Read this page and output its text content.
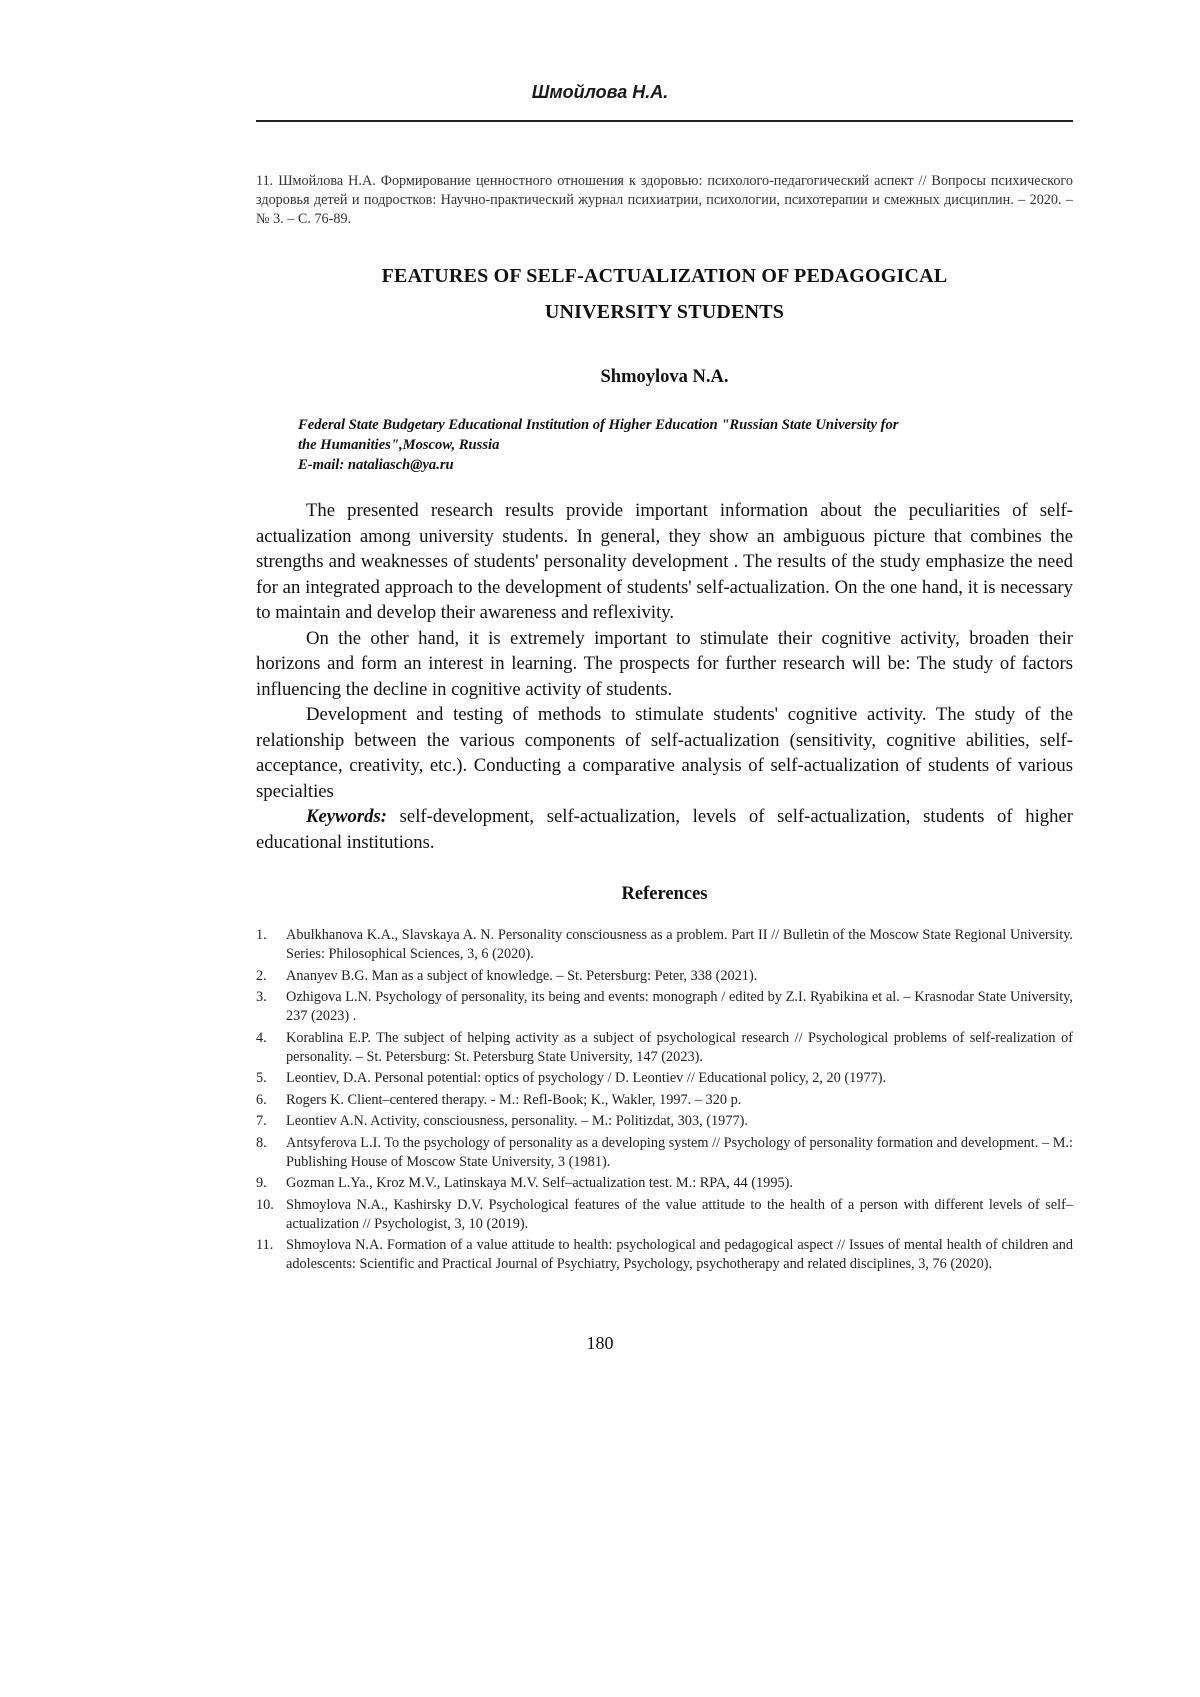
Шмойлова Н.А.

11. Шмойлова Н.А. Формирование ценностного отношения к здоровью: психолого-педагогический аспект // Вопросы психического здоровья детей и подростков: Научно-практический журнал психиатрии, психологии, психотерапии и смежных дисциплин. – 2020. – № 3. – С. 76-89.

FEATURES OF SELF-ACTUALIZATION OF PEDAGOGICAL
UNIVERSITY STUDENTS

Shmoylova N.A.

Federal State Budgetary Educational Institution of Higher Education "Russian State University for
the Humanities",Moscow, Russia
E-mail: nataliasch@ya.ru

The presented research results provide important information about the peculiarities of self-actualization among university students. In general, they show an ambiguous picture that combines the strengths and weaknesses of students' personality development . The results of the study emphasize the need for an integrated approach to the development of students' self-actualization. On the one hand, it is necessary to maintain and develop their awareness and reflexivity.

On the other hand, it is extremely important to stimulate their cognitive activity, broaden their horizons and form an interest in learning. The prospects for further research will be: The study of factors influencing the decline in cognitive activity of students.

Development and testing of methods to stimulate students' cognitive activity. The study of the relationship between the various components of self-actualization (sensitivity, cognitive abilities, self-acceptance, creativity, etc.). Conducting a comparative analysis of self-actualization of students of various specialties

Keywords: self-development, self-actualization, levels of self-actualization, students of higher educational institutions.

References
1.	Abulkhanova K.A., Slavskaya A. N. Personality consciousness as a problem. Part II // Bulletin of the Moscow State Regional University. Series: Philosophical Sciences, 3, 6 (2020).
2.	Ananyev B.G. Man as a subject of knowledge. – St. Petersburg: Peter, 338 (2021).
3.	Ozhigova L.N. Psychology of personality, its being and events: monograph / edited by Z.I. Ryabikina et al. – Krasnodar State University, 237 (2023) .
4.	Korablina E.P. The subject of helping activity as a subject of psychological research // Psychological problems of self-realization of personality. – St. Petersburg: St. Petersburg State University, 147 (2023).
5.	Leontiev, D.A. Personal potential: optics of psychology / D. Leontiev // Educational policy, 2, 20 (1977).
6.	Rogers K. Client–centered therapy. - M.: Refl-Book; K., Wakler, 1997. – 320 p.
7.	Leontiev A.N. Activity, consciousness, personality. – M.: Politizdat, 303, (1977).
8.	Antsyferova L.I. To the psychology of personality as a developing system // Psychology of personality formation and development. – M.: Publishing House of Moscow State University, 3 (1981).
9.	Gozman L.Ya., Kroz M.V., Latinskaya M.V. Self–actualization test. M.: RPA, 44 (1995).
10. Shmoylova N.A., Kashirsky D.V. Psychological features of the value attitude to the health of a person with different levels of self–actualization // Psychologist, 3, 10 (2019).
11. Shmoylova N.A. Formation of a value attitude to health: psychological and pedagogical aspect // Issues of mental health of children and adolescents: Scientific and Practical Journal of Psychiatry, Psychology, psychotherapy and related disciplines, 3, 76 (2020).

180
